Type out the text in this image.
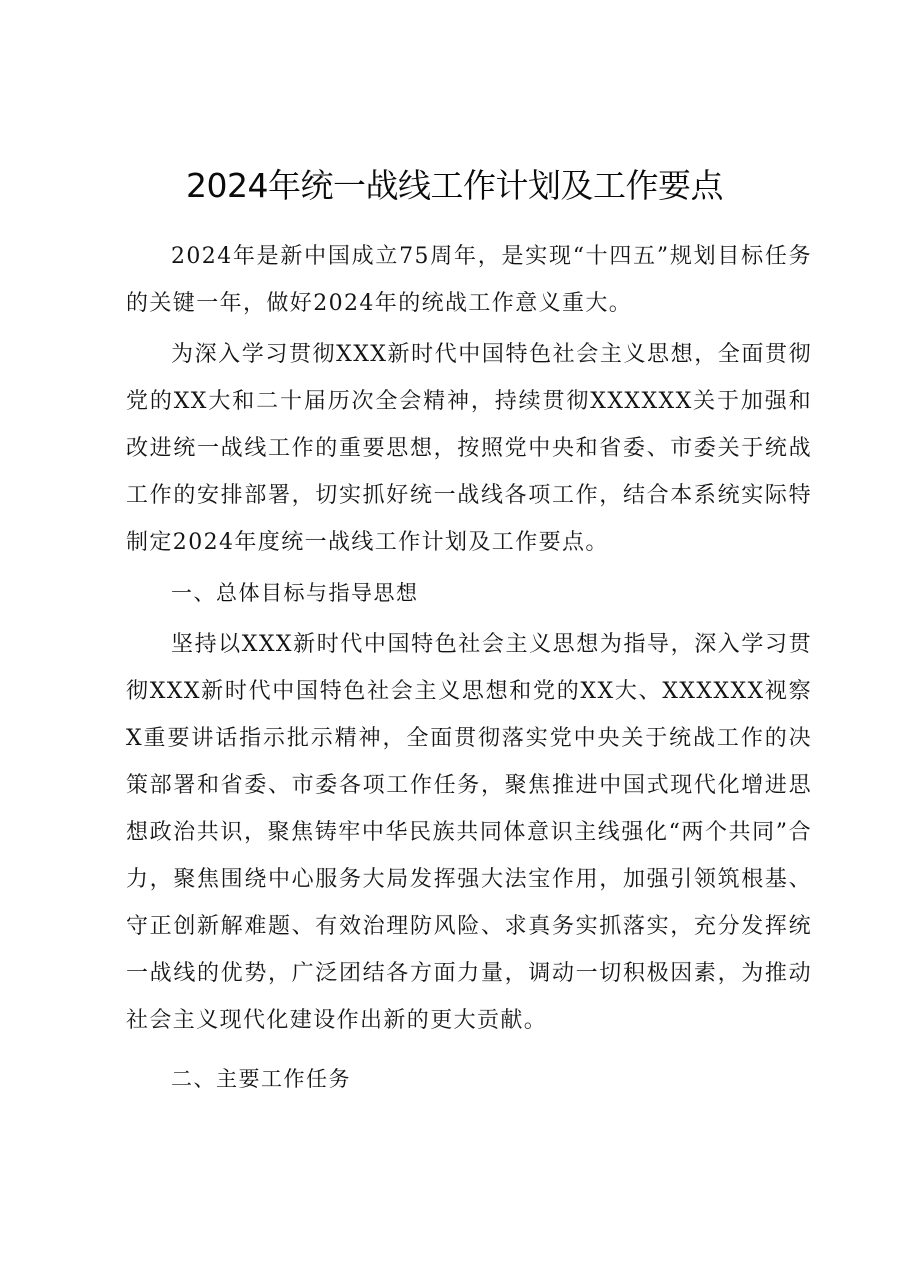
2024年统一战线工作计划及工作要点

2024年是新中国成立75周年，是实现“十四五”规划目标任务的关键一年，做好2024年的统战工作意义重大。

为深入学习贯彻XXX新时代中国特色社会主义思想，全面贯彻党的XX大和二十届历次全会精神，持续贯彻XXXXXX关于加强和改进统一战线工作的重要思想，按照党中央和省委、市委关于统战工作的安排部署，切实抓好统一战线各项工作，结合本系统实际特制定2024年度统一战线工作计划及工作要点。

一、总体目标与指导思想

坚持以XXX新时代中国特色社会主义思想为指导，深入学习贯彻XXX新时代中国特色社会主义思想和党的XX大、XXXXXX视察X重要讲话指示批示精神，全面贯彻落实党中央关于统战工作的决策部署和省委、市委各项工作任务，聚焦推进中国式现代化增进思想政治共识，聚焦铸牢中华民族共同体意识主线强化“两个共同”合力，聚焦围绕中心服务大局发挥强大法宝作用，加强引领筑根基、守正创新解难题、有效治理防风险、求真务实抓落实，充分发挥统一战线的优势，广泛团结各方面力量，调动一切积极因素，为推动社会主义现代化建设作出新的更大贡献。

二、主要工作任务
